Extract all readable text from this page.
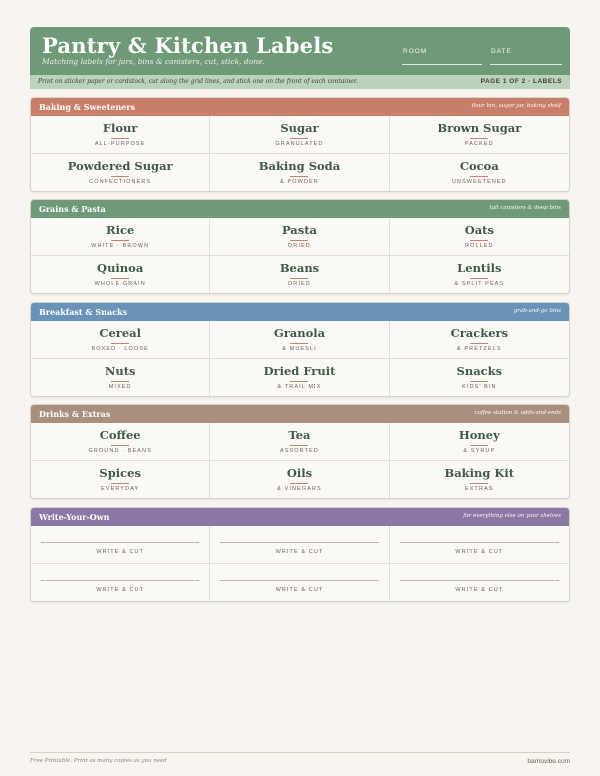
Pantry & Kitchen Labels
Matching labels for jars, bins & canisters, cut, stick, done.
ROOM	DATE
Print on sticker paper or cardstock, cut along the grid lines, and stick one on the front of each container.	PAGE 1 OF 2 · LABELS
Baking & Sweeteners	flour bin, sugar jar, baking shelf
Flour
ALL-PURPOSE
Sugar
GRANULATED
Brown Sugar
PACKED
Powdered Sugar
CONFECTIONERS
Baking Soda
& POWDER
Cocoa
UNSWEETENED
Grains & Pasta	tall canisters & deep bins
Rice
WHITE · BROWN
Pasta
DRIED
Oats
ROLLED
Quinoa
WHOLE GRAIN
Beans
DRIED
Lentils
& SPLIT PEAS
Breakfast & Snacks	grab-and-go bins
Cereal
BOXED · LOOSE
Granola
& MUESLI
Crackers
& PRETZELS
Nuts
MIXED
Dried Fruit
& TRAIL MIX
Snacks
KIDS' BIN
Drinks & Extras	coffee station & odds-and-ends
Coffee
GROUND · BEANS
Tea
ASSORTED
Honey
& SYRUP
Spices
EVERYDAY
Oils
& VINEGARS
Baking Kit
EXTRAS
Write-Your-Own	for everything else on your shelves
WRITE & CUT	WRITE & CUT	WRITE & CUT
WRITE & CUT	WRITE & CUT	WRITE & CUT
Free Printable. Print as many copies as you need	barriovibe.com
